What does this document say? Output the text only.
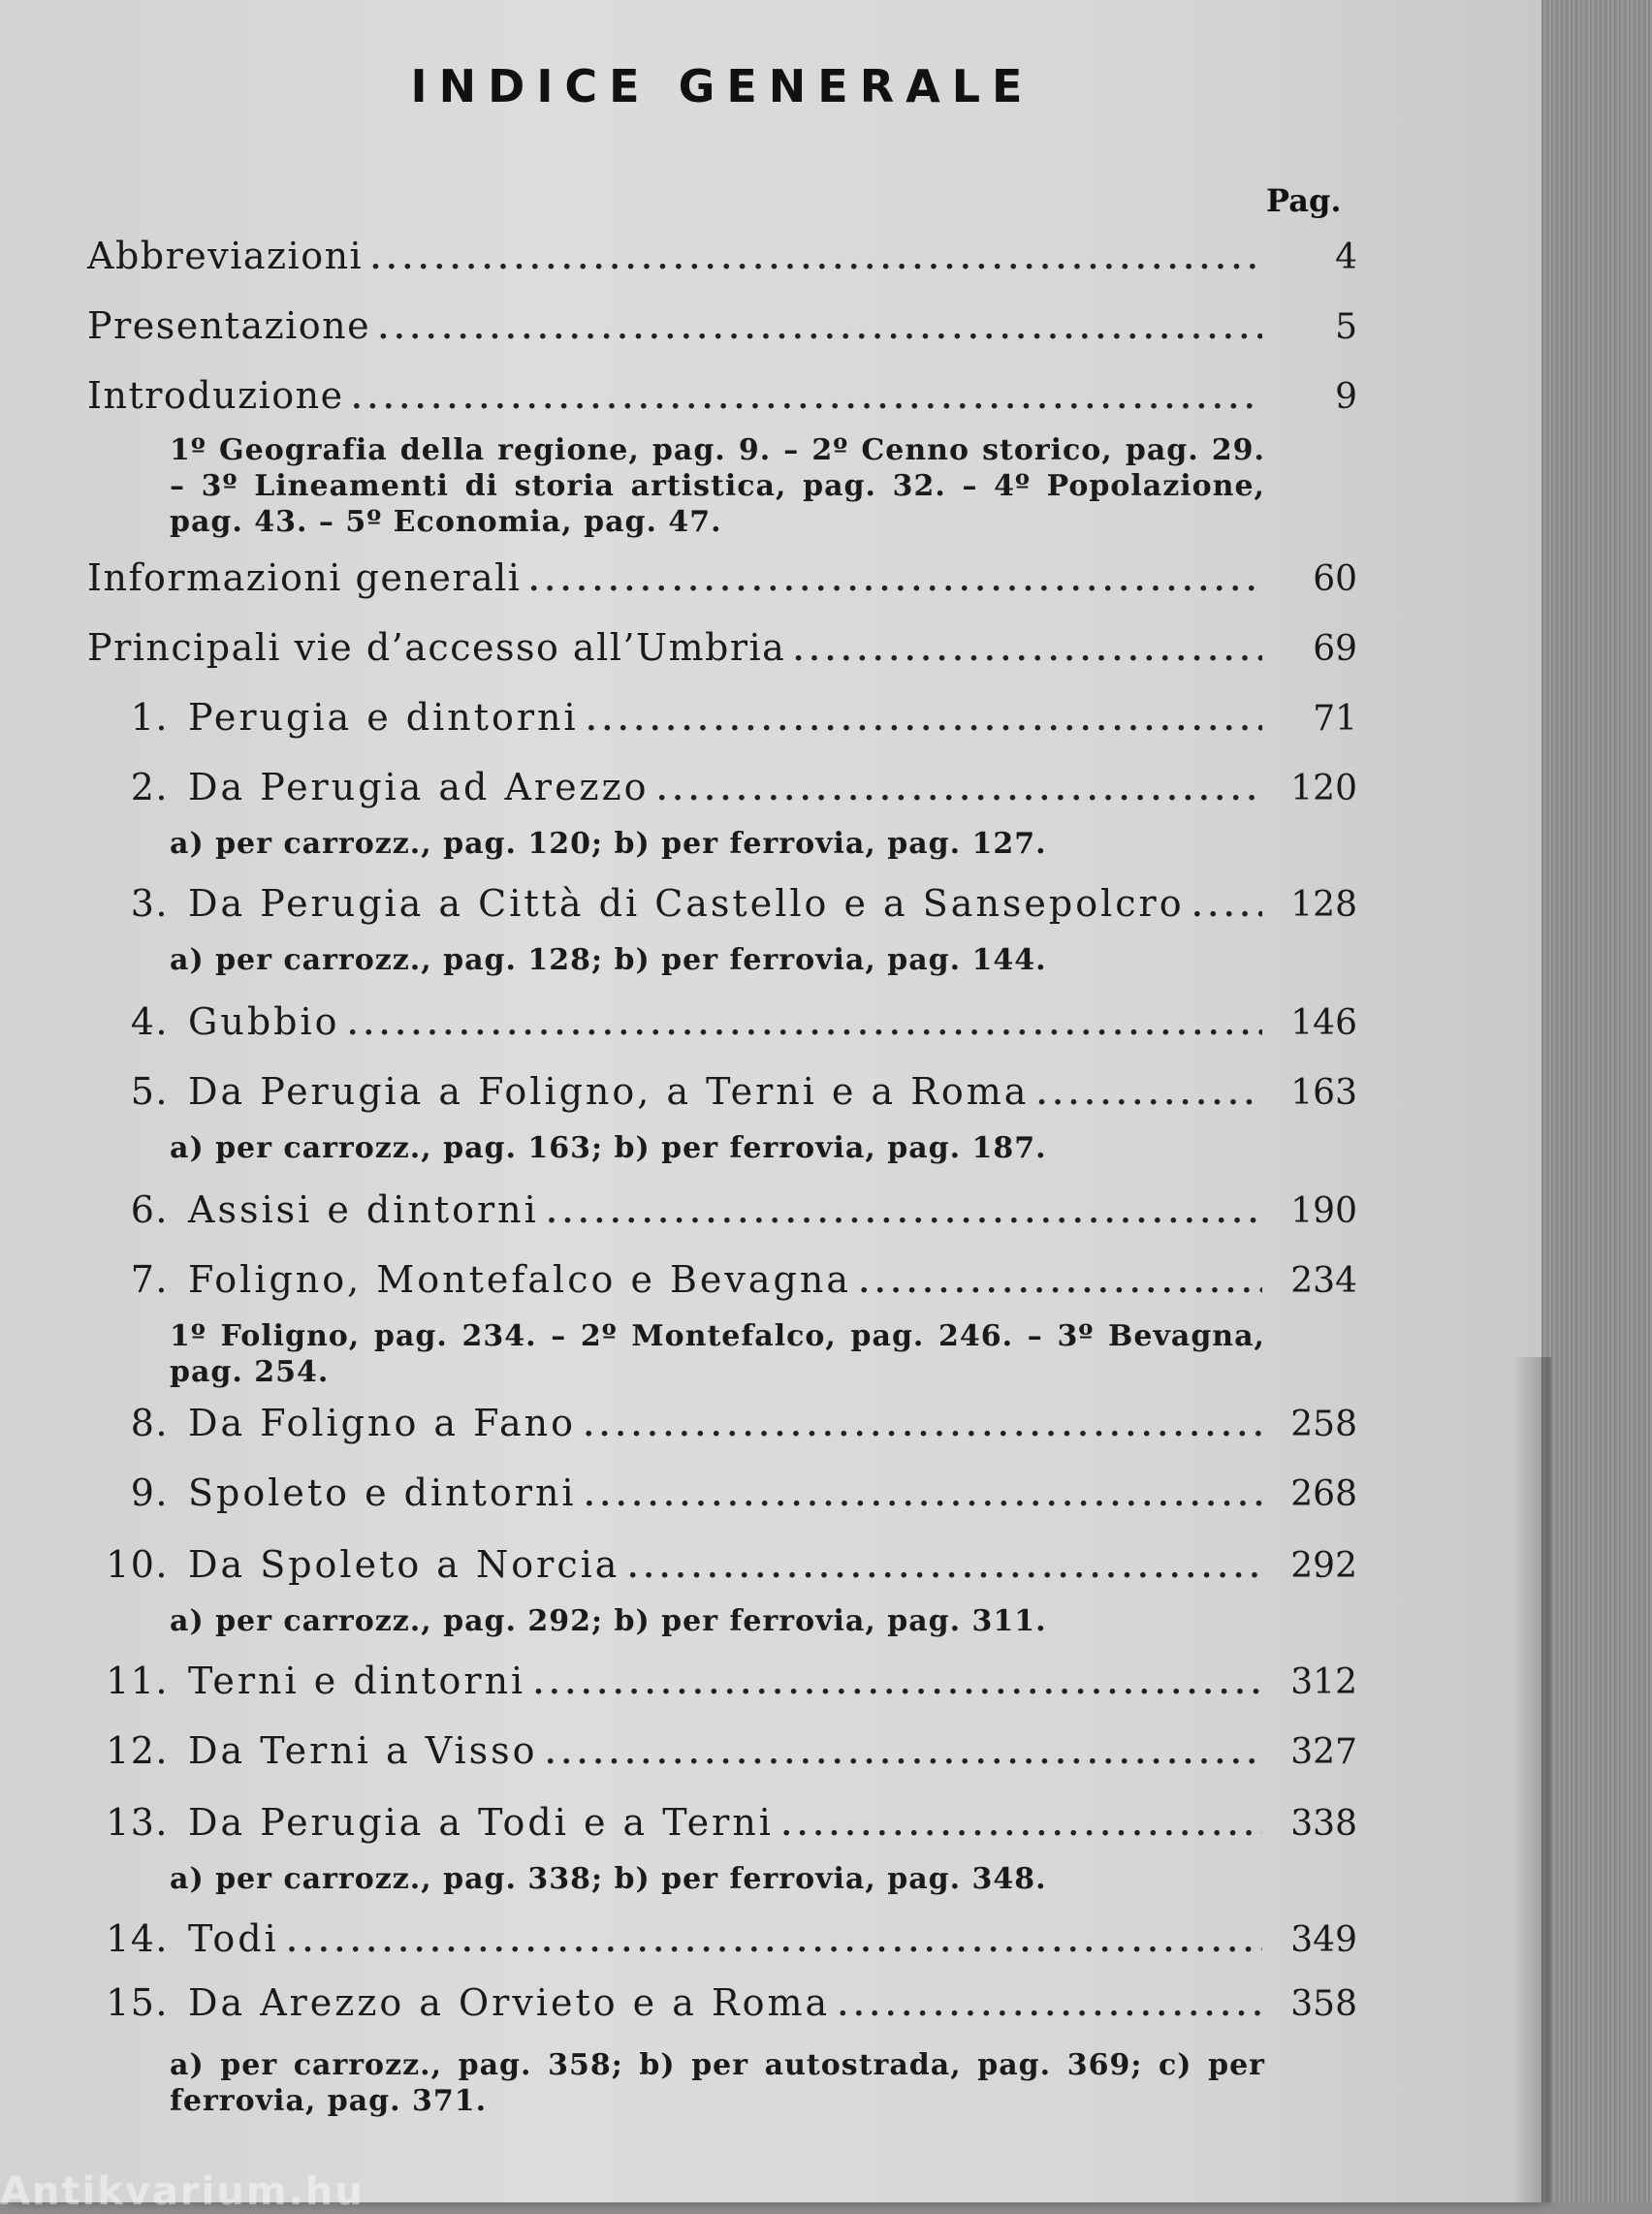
INDICE GENERALE
Pag.
Abbreviazioni .....	4
Presentazione .....	5
Introduzione .....	9
1º Geografia della regione, pag. 9. – 2º Cenno storico, pag. 29. – 3º Lineamenti di storia artistica, pag. 32. – 4º Popolazione, pag. 43. – 5º Economia, pag. 47.
Informazioni generali .....	60
Principali vie d’accesso all’Umbria .....	69
1. Perugia e dintorni .....	71
2. Da Perugia ad Arezzo .....	120
a) per carrozz., pag. 120; b) per ferrovia, pag. 127.
3. Da Perugia a Città di Castello e a Sansepolcro .....	128
a) per carrozz., pag. 128; b) per ferrovia, pag. 144.
4. Gubbio .....	146
5. Da Perugia a Foligno, a Terni e a Roma .....	163
a) per carrozz., pag. 163; b) per ferrovia, pag. 187.
6. Assisi e dintorni .....	190
7. Foligno, Montefalco e Bevagna .....	234
1º Foligno, pag. 234. – 2º Montefalco, pag. 246. – 3º Bevagna, pag. 254.
8. Da Foligno a Fano .....	258
9. Spoleto e dintorni .....	268
10. Da Spoleto a Norcia .....	292
a) per carrozz., pag. 292; b) per ferrovia, pag. 311.
11. Terni e dintorni .....	312
12. Da Terni a Visso .....	327
13. Da Perugia a Todi e a Terni .....	338
a) per carrozz., pag. 338; b) per ferrovia, pag. 348.
14. Todi .....	349
15. Da Arezzo a Orvieto e a Roma .....	358
a) per carrozz., pag. 358; b) per autostrada, pag. 369; c) per ferrovia, pag. 371.
Antikvarium.hu
